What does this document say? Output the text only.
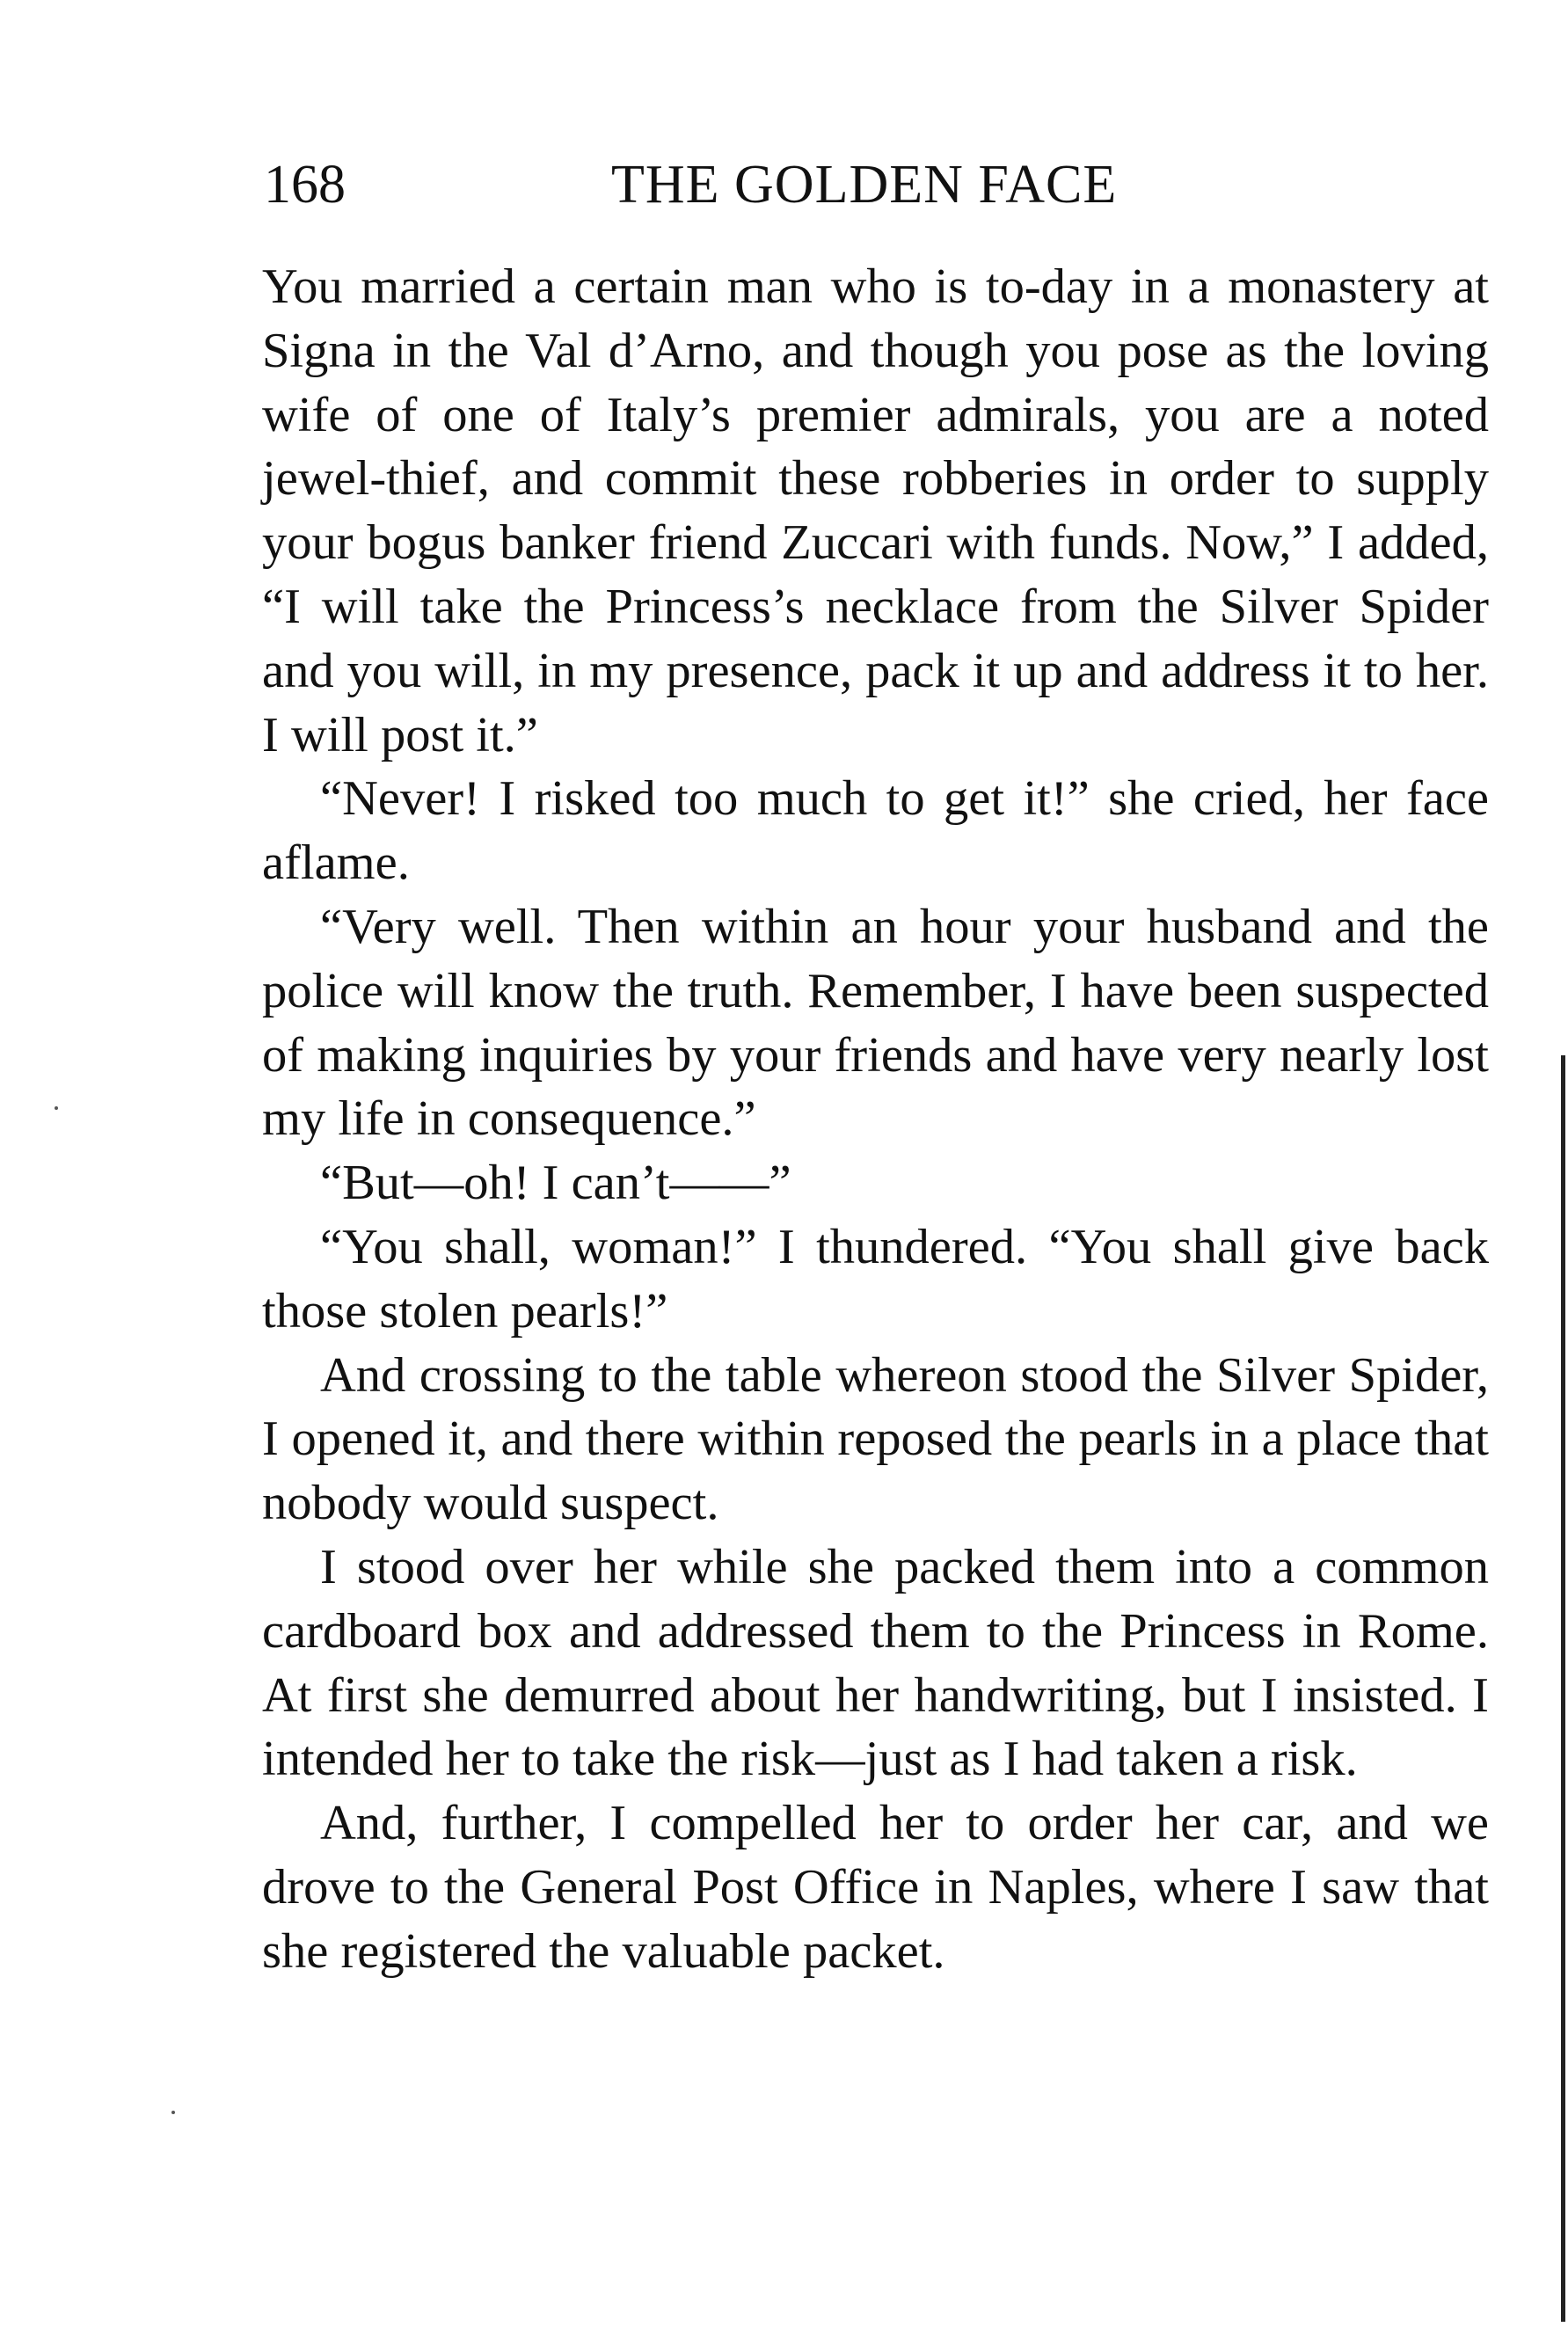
168	THE GOLDEN FACE

You married a certain man who is to-day in a monastery at Signa in the Val d’Arno, and though you pose as the loving wife of one of Italy’s premier admirals, you are a noted jewel-thief, and commit these robberies in order to supply your bogus banker friend Zuccari with funds. Now,” I added, “I will take the Princess’s necklace from the Silver Spider and you will, in my presence, pack it up and address it to her. I will post it.”

“Never! I risked too much to get it!” she cried, her face aflame.

“Very well. Then within an hour your husband and the police will know the truth. Remember, I have been suspected of making inquiries by your friends and have very nearly lost my life in consequence.”

“But—oh! I can’t——”

“You shall, woman!” I thundered. “You shall give back those stolen pearls!”

And crossing to the table whereon stood the Silver Spider, I opened it, and there within reposed the pearls in a place that nobody would suspect.

I stood over her while she packed them into a common cardboard box and addressed them to the Princess in Rome. At first she demurred about her handwriting, but I insisted. I intended her to take the risk—just as I had taken a risk.

And, further, I compelled her to order her car, and we drove to the General Post Office in Naples, where I saw that she registered the valuable packet.
